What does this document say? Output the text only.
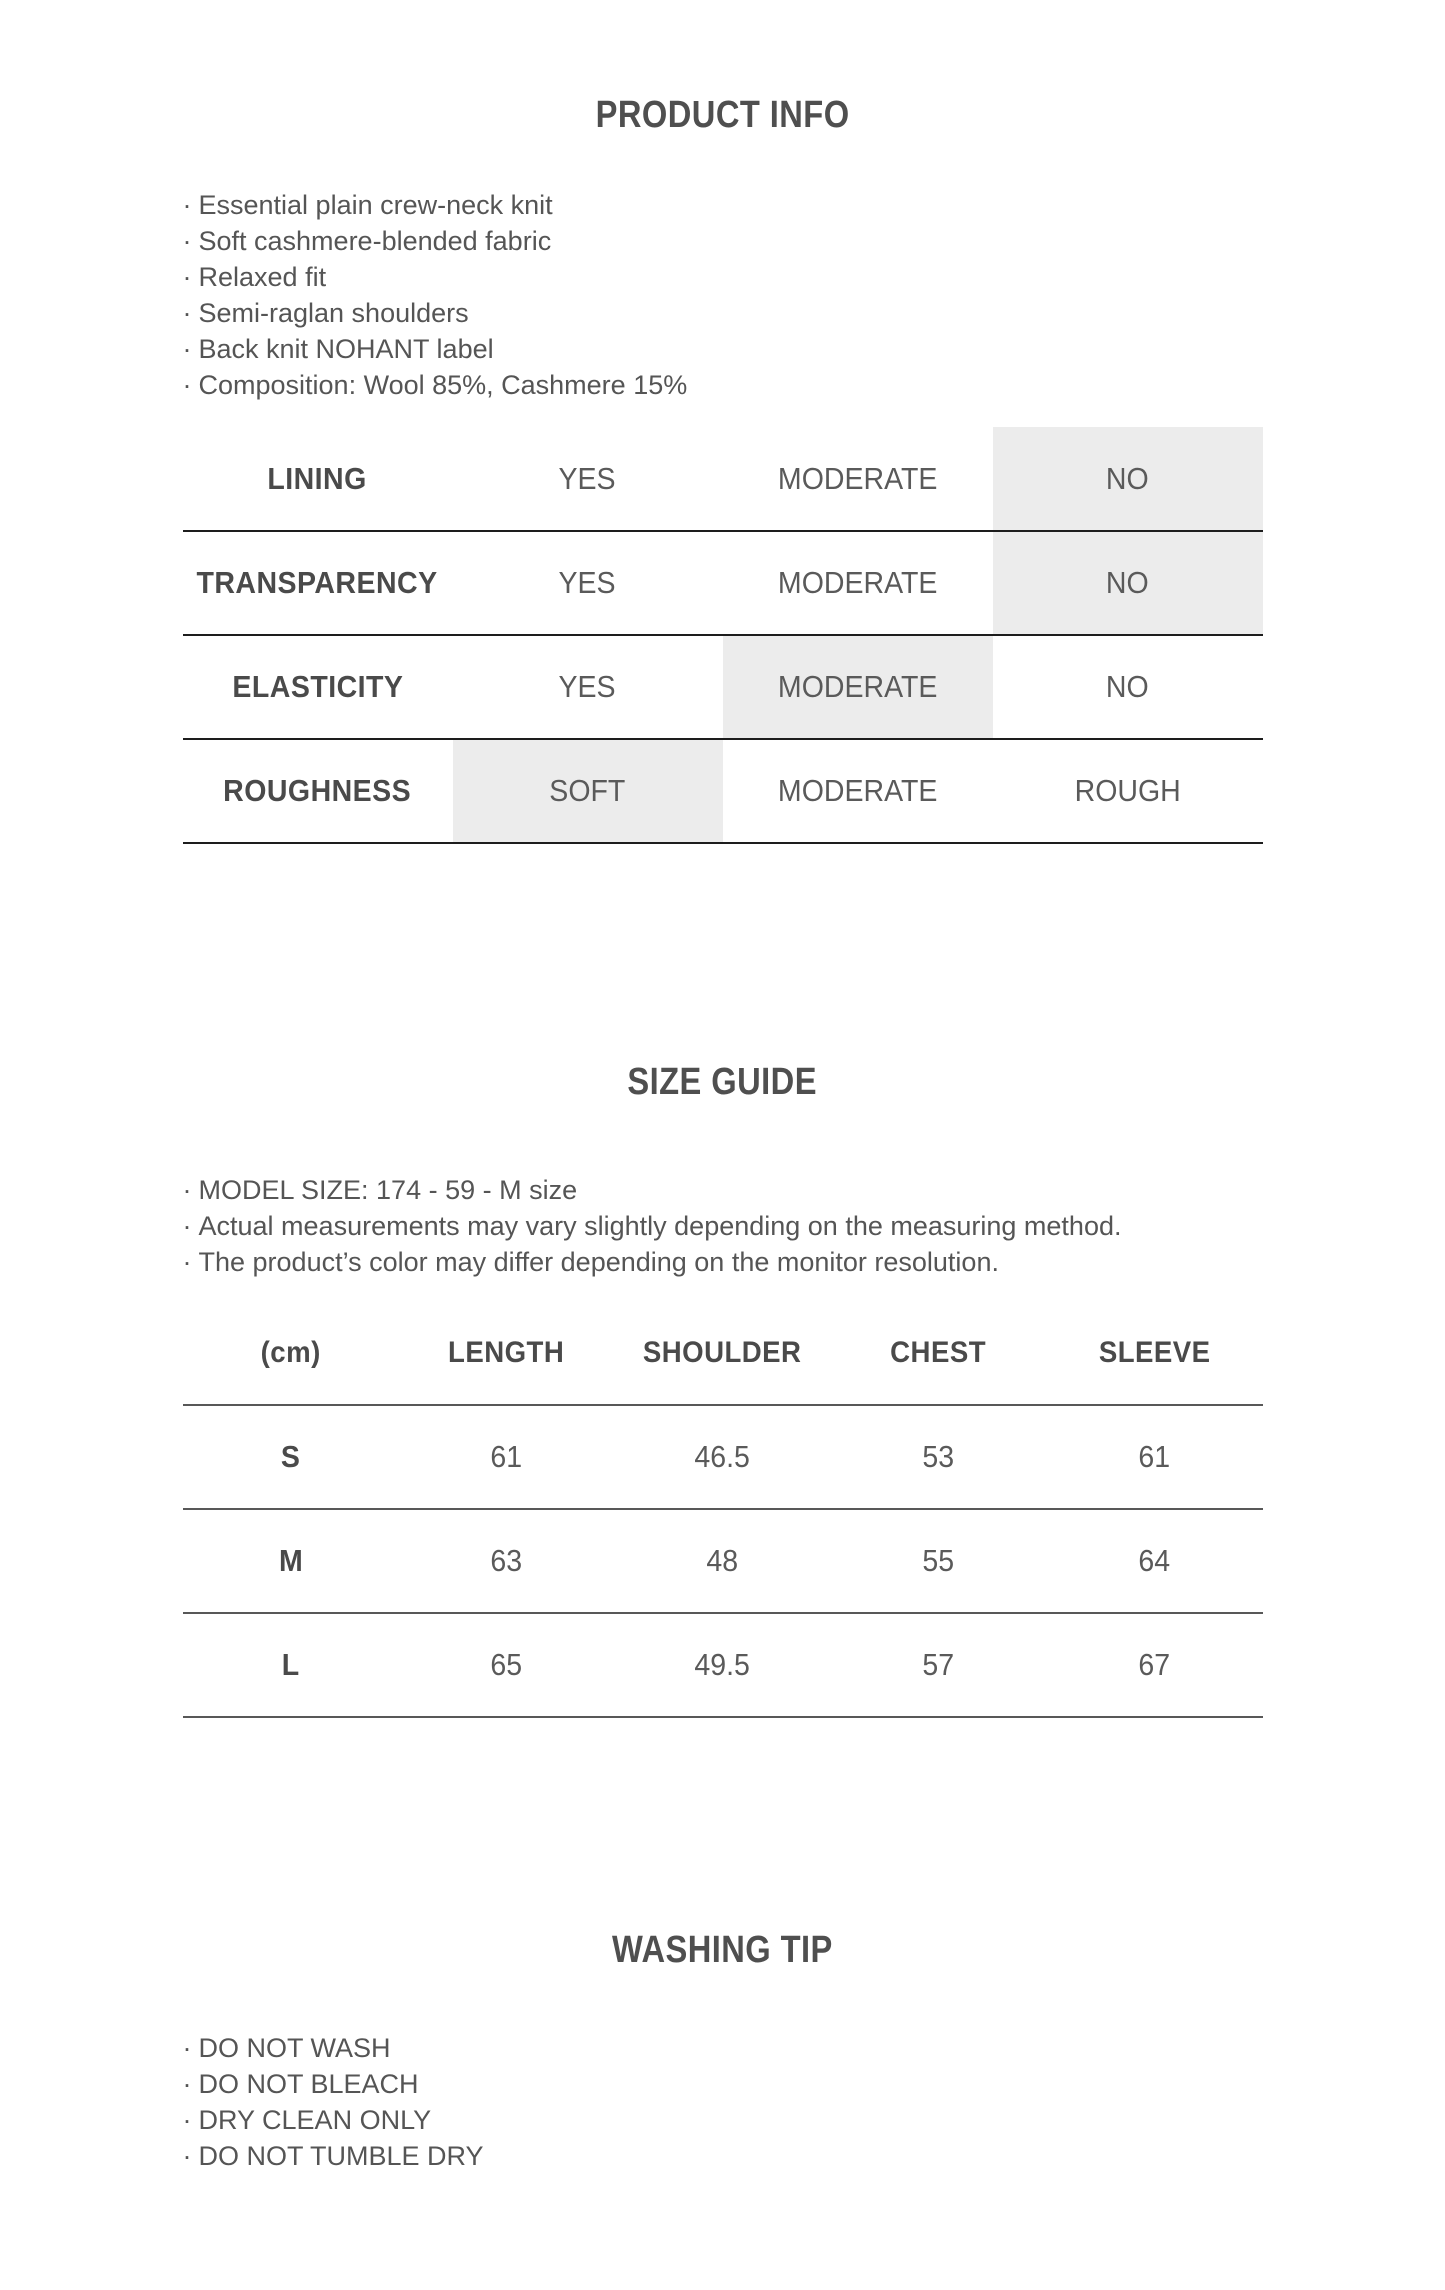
PRODUCT INFO
· Essential plain crew-neck knit
· Soft cashmere-blended fabric
· Relaxed fit
· Semi-raglan shoulders
· Back knit NOHANT label
· Composition: Wool 85%, Cashmere 15%
LINING	YES	MODERATE	NO
TRANSPARENCY	YES	MODERATE	NO
ELASTICITY	YES	MODERATE	NO
ROUGHNESS	SOFT	MODERATE	ROUGH
SIZE GUIDE
· MODEL SIZE: 174 - 59 - M size
· Actual measurements may vary slightly depending on the measuring method.
· The product’s color may differ depending on the monitor resolution.
(cm)	LENGTH	SHOULDER	CHEST	SLEEVE
S	61	46.5	53	61
M	63	48	55	64
L	65	49.5	57	67
WASHING TIP
· DO NOT WASH
· DO NOT BLEACH
· DRY CLEAN ONLY
· DO NOT TUMBLE DRY
